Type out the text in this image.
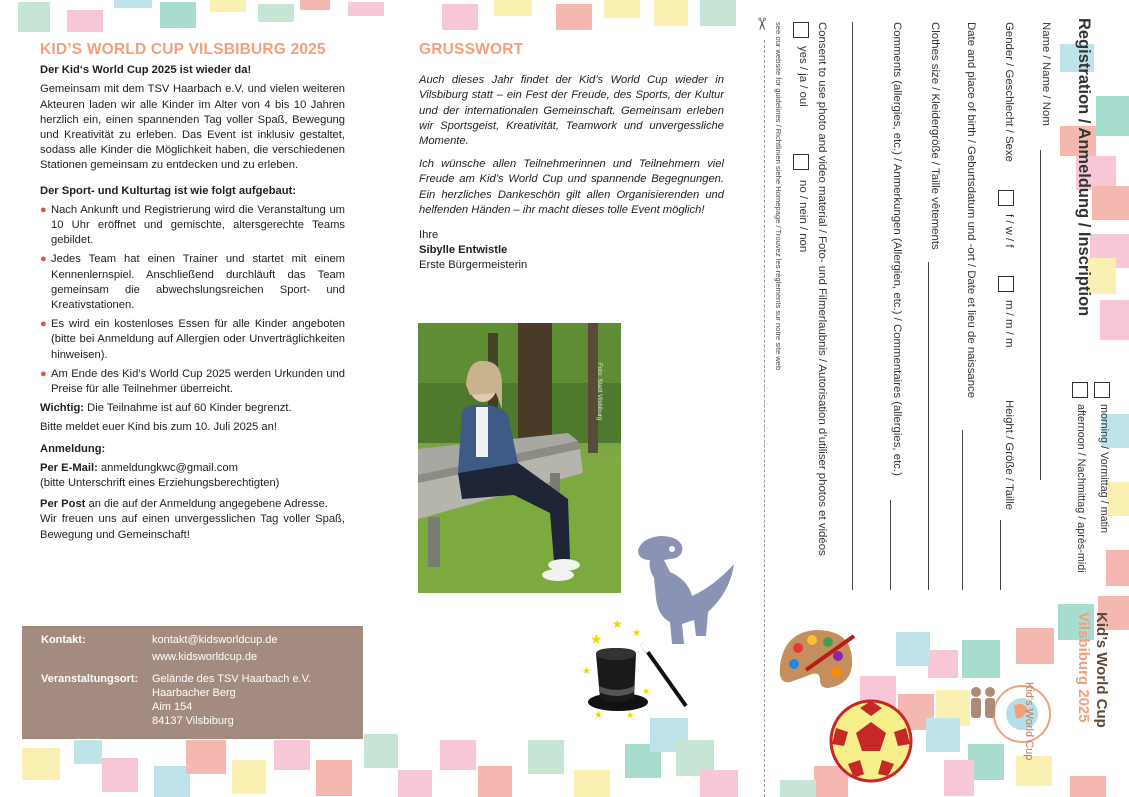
KID’S WORLD CUP VILSBIBURG 2025

Der Kid‘s World Cup 2025 ist wieder da!

Gemeinsam mit dem TSV Haarbach e.V. und vielen weiteren Akteuren laden wir alle Kinder im Alter von 4 bis 10 Jahren herzlich ein, einen spannenden Tag voller Spaß, Bewegung und Kreativität zu erleben. Das Event ist inklusiv gestaltet, sodass alle Kinder die Möglichkeit haben, die verschiedenen Stationen gemeinsam zu entdecken und zu erleben.

Der Sport- und Kulturtag ist wie folgt aufgebaut:

● Nach Ankunft und Registrierung wird die Veranstaltung um 10 Uhr eröffnet und gemischte, altersgerechte Teams gebildet.
● Jedes Team hat einen Trainer und startet mit einem Kennenlernspiel. Anschließend durchläuft das Team gemeinsam die abwechslungsreichen Sport- und Kreativstationen.
● Es wird ein kostenloses Essen für alle Kinder angeboten (bitte bei Anmeldung auf Allergien oder Unverträglichkeiten hinweisen).
● Am Ende des Kid’s World Cup 2025 werden Urkunden und Preise für alle Teilnehmer überreicht.

Wichtig: Die Teilnahme ist auf 60 Kinder begrenzt.

Bitte meldet euer Kind bis zum 10. Juli 2025 an!

Anmeldung:

Per E-Mail: anmeldungkwc@gmail.com

(bitte Unterschrift eines Erziehungsberechtigten)

Per Post an die auf der Anmeldung angegebene Adresse.

Wir freuen uns auf einen unvergesslichen Tag voller Spaß, Bewegung und Gemeinschaft!

Kontakt:	kontakt@kidsworldcup.de
www.kidsworldcup.de
Veranstaltungsort: Gelände des TSV Haarbach e.V.
Haarbacher Berg
Aim 154
84137 Vilsbiburg
GRUSSWORT

Auch dieses Jahr findet der Kid’s World Cup wieder in Vilsbiburg statt – ein Fest der Freude, des Sports, der Kultur und der internationalen Gemeinschaft. Gemeinsam erleben wir Sportsgeist, Kreativität, Teamwork und unvergessliche Momente.

Ich wünsche allen Teilnehmerinnen und Teilnehmern viel Freude am Kid’s World Cup und spannende Begegnungen. Ein herzliches Dankeschön gilt allen Organisierenden und helfenden Händen – ihr macht dieses tolle Event möglich!

Ihre
Sibylle Entwistle
Erste Bürgermeisterin
Foto: Stadt Vilsbiburg
★
★
★
★
★
★	★
✂	Registration / Anmeldung / Inscription
Name / Name / Nom
Gender / Geschlecht / Sexe
f / w / f
m / m / m
morning / Vormittag / matin
afternoon / Nachmittag / après-midi
Date and place of birth / Geburtsdatum und -ort / Date et lieu de naissance
Height / Größe / Taille
Clothes size / Kleidergröße / Taille vêtements
Comments (allergies, etc.) / Anmerkungen (Allergien, etc.) / Commentaires (allergies, etc.)
Consent to use photo and video material / Foto- und Filmerlaubnis / Autorisation d’utiliser photos et vidéos
yes / ja / oui
no / nein / non
see our website for guidelines / Richtlinien siehe Homepage / Trouvez les règlements sur notre site web
Kid's World Cup	Kid’s World Cup
Vilsbiburg 2025
